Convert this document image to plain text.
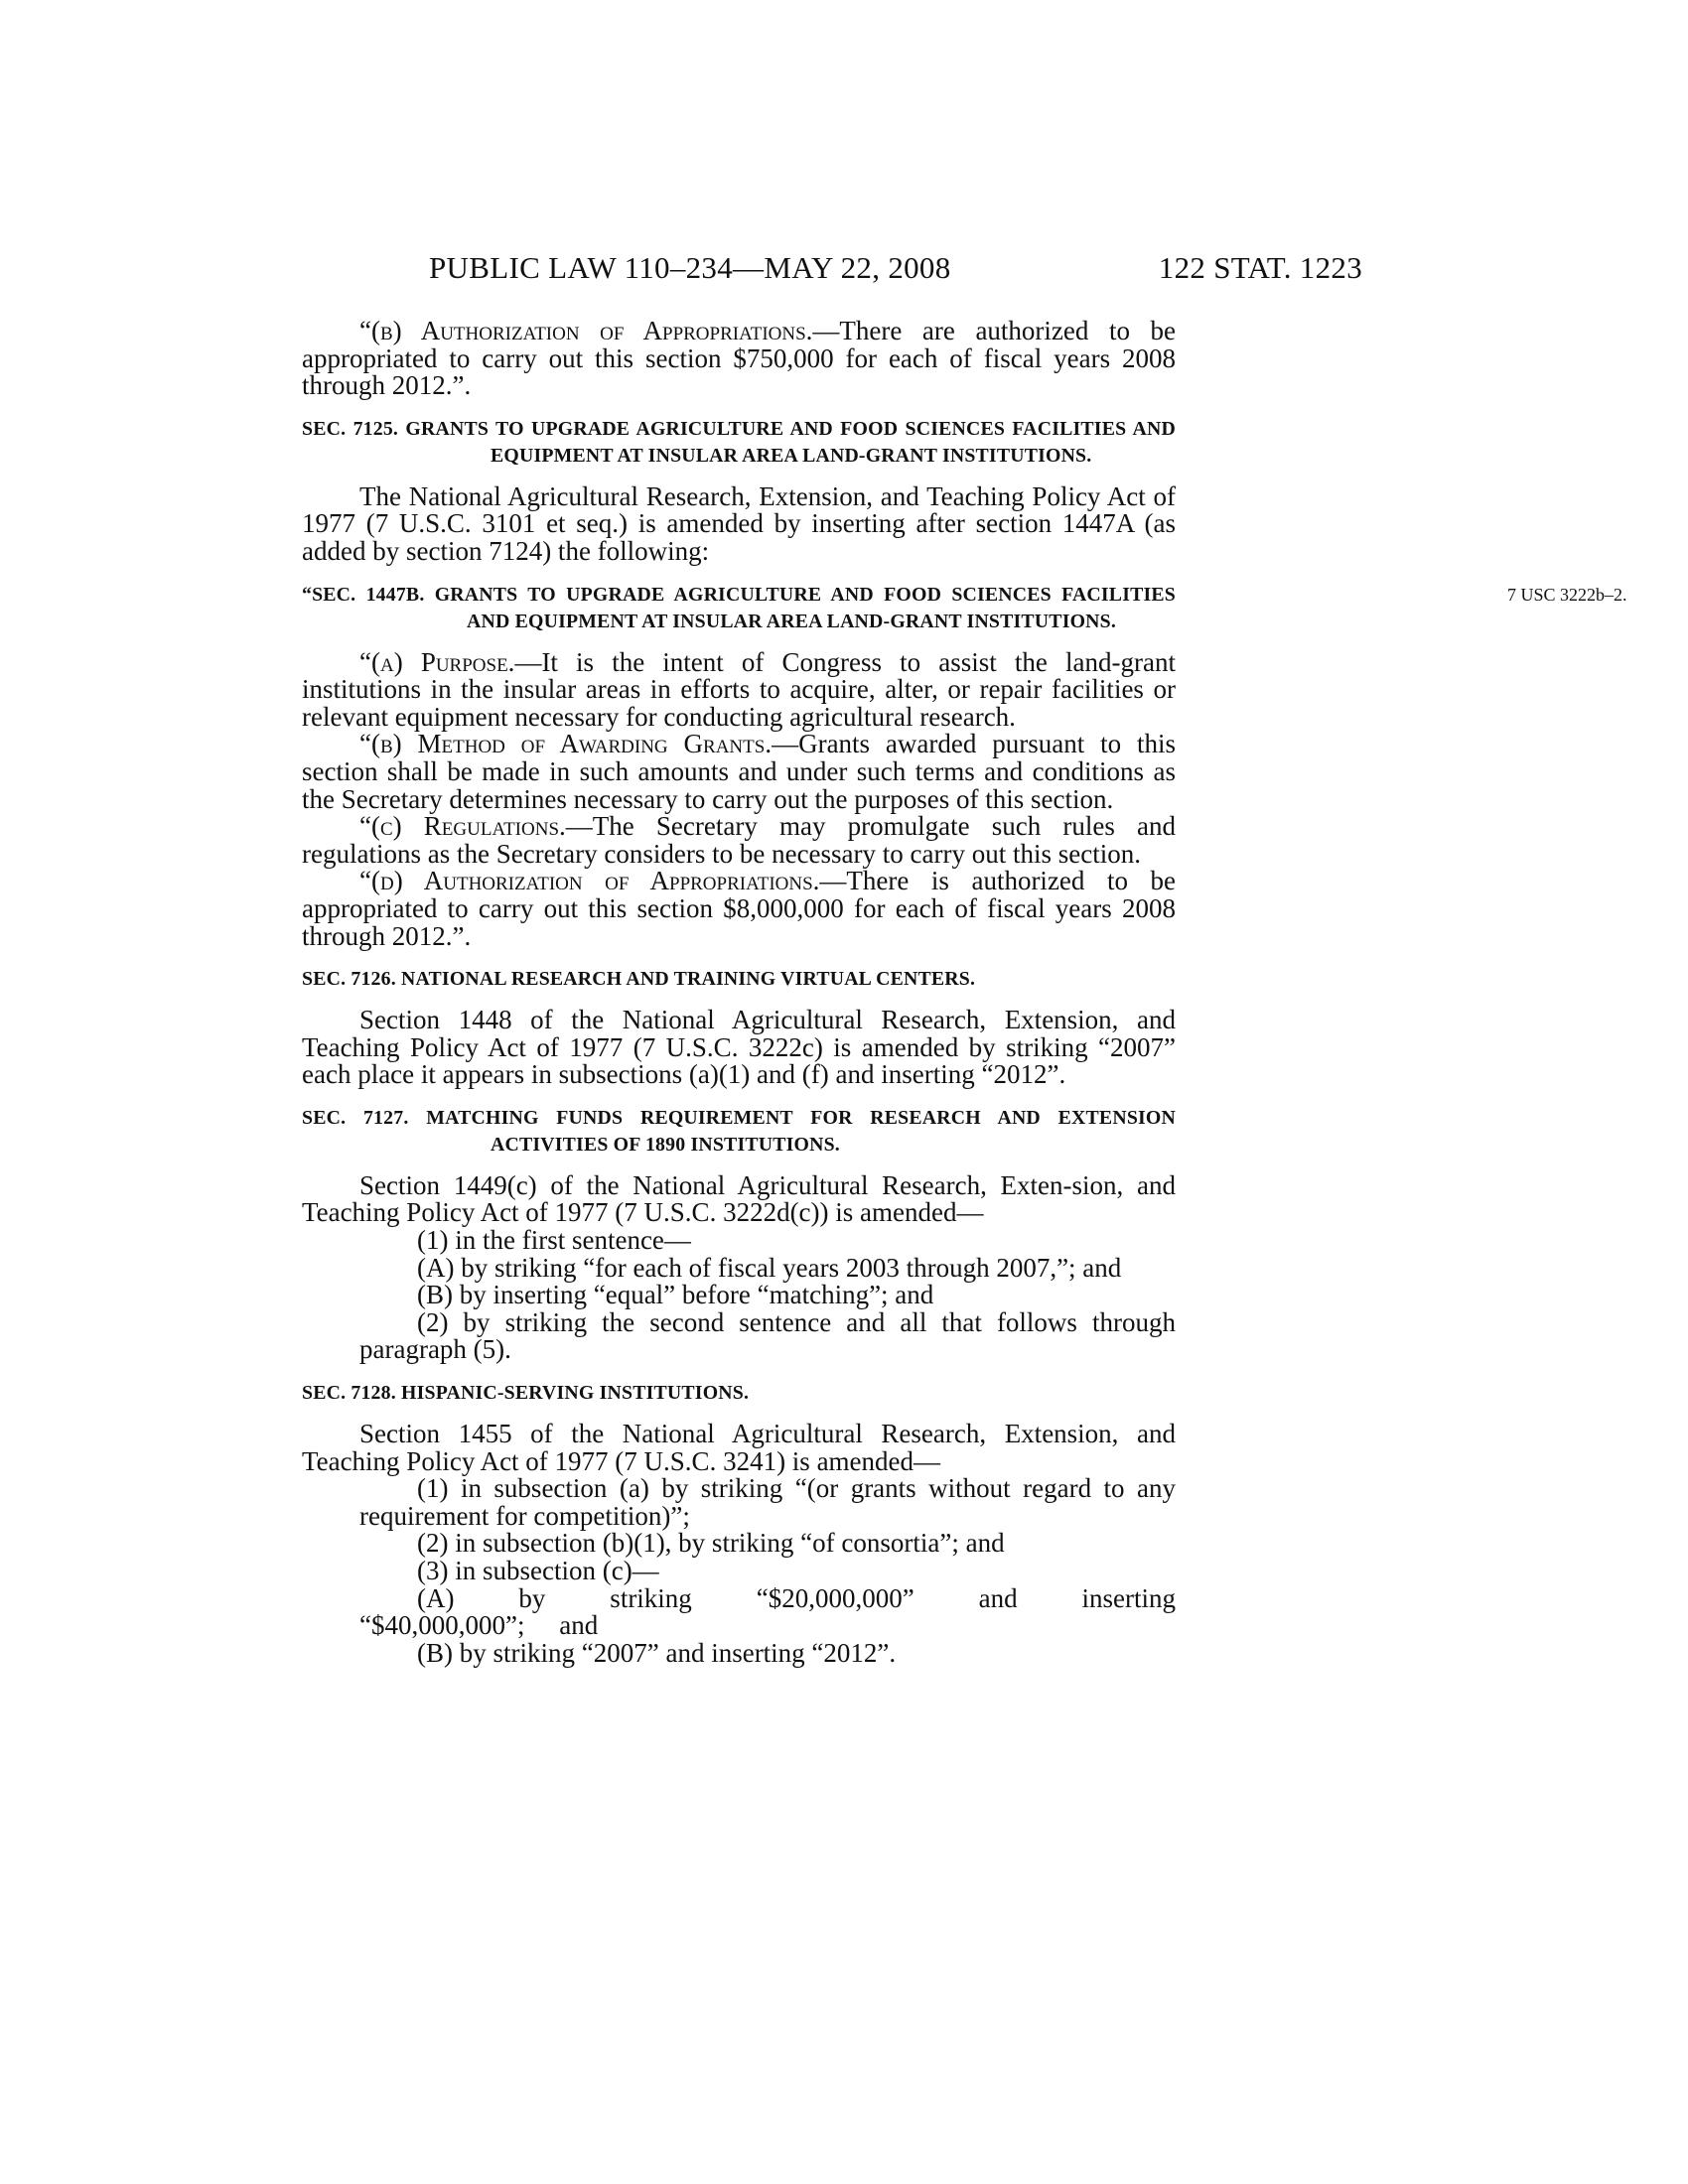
PUBLIC LAW 110–234—MAY 22, 2008	122 STAT. 1223

“(b) Authorization of Appropriations.—There are authorized to be appropriated to carry out this section $750,000 for each of fiscal years 2008 through 2012.”.

SEC. 7125. GRANTS TO UPGRADE AGRICULTURE AND FOOD SCIENCES FACILITIES AND EQUIPMENT AT INSULAR AREA LAND-GRANT INSTITUTIONS.

The National Agricultural Research, Extension, and Teaching Policy Act of 1977 (7 U.S.C. 3101 et seq.) is amended by inserting after section 1447A (as added by section 7124) the following:

“SEC. 1447B. GRANTS TO UPGRADE AGRICULTURE AND FOOD SCIENCES FACILITIES AND EQUIPMENT AT INSULAR AREA LAND-GRANT INSTITUTIONS.
7 USC 3222b–2.

“(a) Purpose.—It is the intent of Congress to assist the land-grant institutions in the insular areas in efforts to acquire, alter, or repair facilities or relevant equipment necessary for conducting agricultural research.

“(b) Method of Awarding Grants.—Grants awarded pursuant to this section shall be made in such amounts and under such terms and conditions as the Secretary determines necessary to carry out the purposes of this section.

“(c) Regulations.—The Secretary may promulgate such rules and regulations as the Secretary considers to be necessary to carry out this section.

“(d) Authorization of Appropriations.—There is authorized to be appropriated to carry out this section $8,000,000 for each of fiscal years 2008 through 2012.”.

SEC. 7126. NATIONAL RESEARCH AND TRAINING VIRTUAL CENTERS.

Section 1448 of the National Agricultural Research, Extension, and Teaching Policy Act of 1977 (7 U.S.C. 3222c) is amended by striking “2007” each place it appears in subsections (a)(1) and (f) and inserting “2012”.

SEC. 7127. MATCHING FUNDS REQUIREMENT FOR RESEARCH AND EXTENSION ACTIVITIES OF 1890 INSTITUTIONS.

Section 1449(c) of the National Agricultural Research, Exten-sion, and Teaching Policy Act of 1977 (7 U.S.C. 3222d(c)) is amended—

(1) in the first sentence—

(A) by striking “for each of fiscal years 2003 through 2007,”; and

(B) by inserting “equal” before “matching”; and

(2) by striking the second sentence and all that follows through paragraph (5).

SEC. 7128. HISPANIC-SERVING INSTITUTIONS.

Section 1455 of the National Agricultural Research, Extension, and Teaching Policy Act of 1977 (7 U.S.C. 3241) is amended—

(1) in subsection (a) by striking “(or grants without regard to any requirement for competition)”;

(2) in subsection (b)(1), by striking “of consortia”; and

(3) in subsection (c)—

(A) by striking “$20,000,000” and inserting “$40,000,000”; and

(B) by striking “2007” and inserting “2012”.
